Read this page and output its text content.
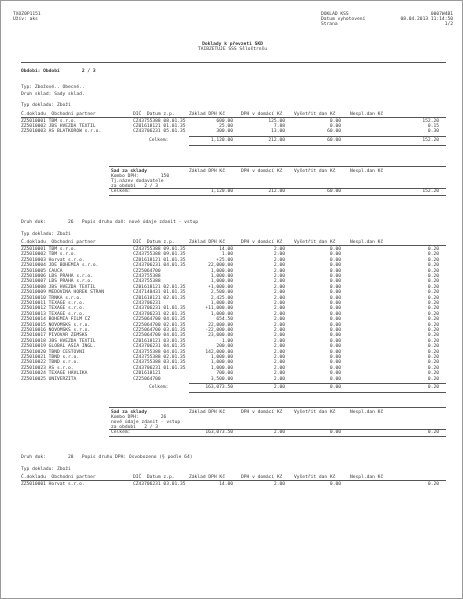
TXOZ0P1151
Užív: aks
DOKLAD KSS
Datum vyhotovení
Strana
0007W4B1
08.04.2013 11:14:50
1/2
Doklady k převzetí SKD
TAIBZETUJE SSS Sšloštrnšu
Období: Období        2 / 3
Typ: Zbožové.. Obecné..
Druh sklad: Sady sklad.
Typ dokladu: Zboží
Druh dok:        26   Popis druhu daň: nové údaje zdanit - vstup
Typ dokladu: Zboží
Druh dok:        28   Popis druhu DPH: Osvobozeno (§ podle 64)
Typ dokladu: Zboží
Č.dokladu  Obchodní partner	DIČ  Datum z.p.	Základ DPH Kč	DPH v domácí Kč	Vyšetřit dan Kč	Nespl.dan Kč
ZZ5010001 TBM s.r.o.	CZ43755388 08.01.35	600.00	125.00	0.00	152.20
ZZ5010002 JBS HVEZDA TEXTIL	CZ01618121 01.01.35	25.00	7.88	0.00	0.15
ZZ5010003 AS BLATKOROW s.r.o.	CZ43706231 05.01.35	300.00	13.00	60.00	0.30
Celkem:	1,120.00	212.00	60.00	152.20
Sad za sklady
Kombo DPH:        150
Tj.název dodavatele
za období   2 / 3
Celkem:
Základ DPH Kč	DPH v domácí Kč	Vyšetřit dan Kč	Nespl.dan Kč
1,120.00	212.00	60.00	152.20
Č.dokladu  Obchodní partner	DIČ  Datum z.p.	Základ DPH Kč	DPH v domácí Kč	Vyšetřit dan Kč	Nespl.dan Kč
ZZ5010001 TBM s.r.o.	CZ43755388 09.01.35	14.00	2.00	0.00	0.20
ZZ5010002 TBM s.r.o.	CZ43755388 09.01.35	1.00	2.00	0.00	0.20
ZZ5010003 Horvat s.r.o.	CZ01618121 01.01.35	+25.00	2.00	0.00	0.20
ZZ5010004 JDE BOHEMIA s.r.o.	CZ43706231 04.01.35	22,000.00	2.00	0.00	0.20
ZZ5010005 CAUCA	CZ25064700	1,000.00	2.00	0.00	0.20
ZZ5010006 LBS PRAHA s.r.o.	CZ43755388	1,000.00	2.00	0.00	0.20
ZZ5010007 LBS PRAHA s.r.o.	CZ43755388	1,000.00	2.00	0.00	0.20
ZZ5010008 JBS HVEZDA TEXTIL	CZ01618121 02.01.35	+1,000.00	2.00	0.00	0.20
ZZ5010009 MEDOVINA HOREK STRAN	CZ47148431 01.01.35	2,500.00	2.00	0.00	0.20
ZZ5010010 TRNKA s.r.o.	CZ01618121 02.01.35	2,425.00	2.00	0.00	0.20
ZZ5010011 TEXAGE s.r.o.	CZ43706231	1,000.00	2.00	0.00	0.20
ZZ5010012 TEXAGE s.r.o.	CZ43706231 01.01.35	+11,000.00	2.00	0.00	0.20
ZZ5010013 TEXAGE s.r.o.	CZ43706231 02.01.35	1,000.00	2.00	0.00	0.20
ZZ5010014 BOHEMIA FILM CZ	CZ25064700 04.01.35	654.50	2.00	0.00	0.20
ZZ5010015 NOVOMSKS s.r.o.	CZ25064700 02.01.35	22,000.00	2.00	0.00	0.20
ZZ5010016 NOVOMSKS s.r.o.	CZ25064700 03.01.35	-22,000.00	2.00	0.00	0.20
ZZ5010017 PIVOVAR ZEMSKS	CZ25064700 04.01.35	23,000.00	2.00	0.00	0.20
ZZ5010018 JBS HVEZDA TEXTIL	CZ01618121 03.01.35	1.00	2.00	0.00	0.20
ZZ5010019 GLOBAL ASIA INGL.	CZ43706231 04.01.35	200.00	2.00	0.00	0.20
ZZ5010020 TBND CESTOVNI	CZ43755388 04.01.35	142,000.00	2.00	0.00	0.20
ZZ5010021 TBND s.r.o.	CZ43755388 02.01.35	1,000.00	2.00	0.00	0.20
ZZ5010022 TBND s.r.o.	CZ43755388 03.01.35	1,000.00	2.00	0.00	0.20
ZZ5010023 AS s.r.o.	CZ43706231 01.01.35	1,000.00	2.00	0.00	0.20
ZZ5010024 TEXAGE HAVLIKA	CZ01618121	700.00	2.00	0.00	0.20
ZZ5010025 UNIVERZITA	CZ25064700	3,500.00	2.00	0.00	0.20
Celkem:	163,073.50	2.00	0.00	0.20
Sad za sklady
Kombo DPH:        26
nové údaje zdanit - vstup
za období   2 / 3
Celkem:
Základ DPH Kč	DPH v domácí Kč	Vyšetřit dan Kč	Nespl.dan Kč
163,073.50	2.00	0.00	0.20
Č.dokladu  Obchodní partner	DIČ  Datum z.p.	Základ DPH Kč	DPH v domácí Kč	Vyšetřit dan Kč	Nespl.dan Kč
ZZ5010001 Horvat s.r.o.	CZ43706231 03.01.35	14.00	2.00	0.00	0.20
